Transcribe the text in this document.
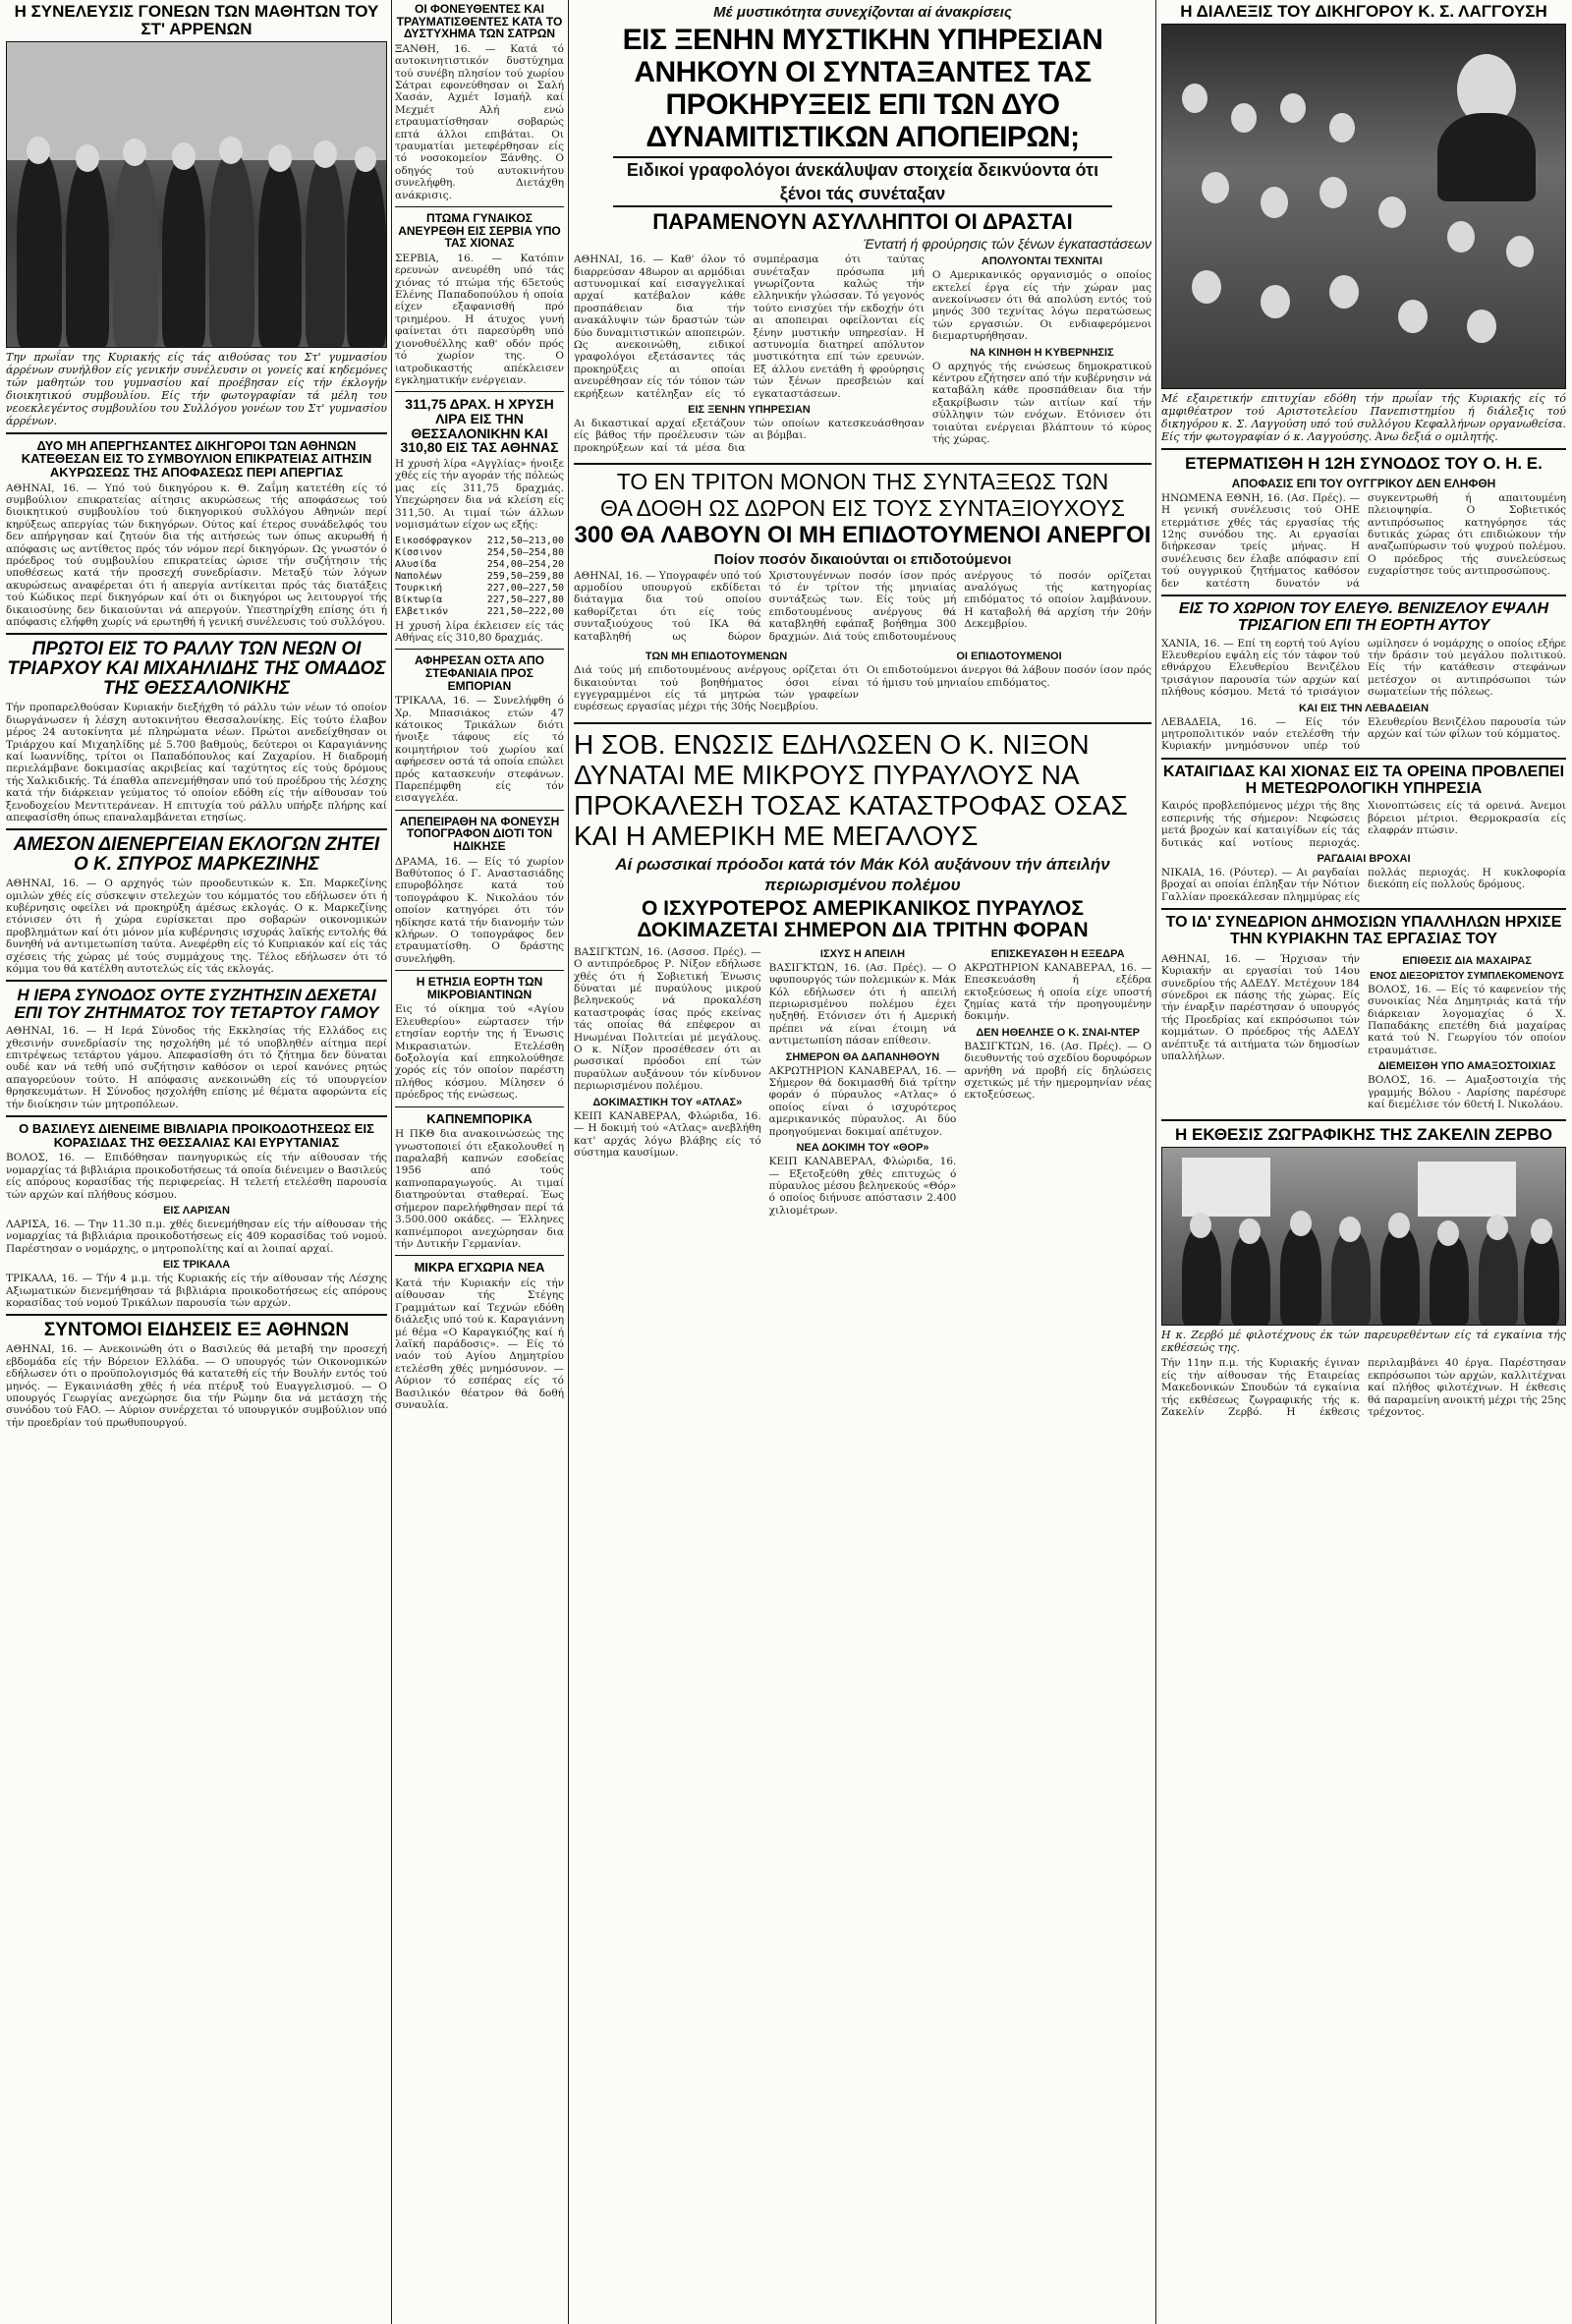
Η ΣΥΝΕΛΕΥΣΙΣ ΓΟΝΕΩΝ ΤΩΝ ΜΑΘΗΤΩΝ ΤΟΥ ΣΤ' ΑΡΡΕΝΩΝ
Την πρωΐαν της Κυριακής είς τάς αιθούσας του Στ' γυμνασίου άρρένων συνήλθον είς γενικήν συνέλευσιν οι γονείς καί κηδεμόνες τών μαθητών του γυμνασίου καί προέβησαν είς τήν έκλογήν διοικητικού συμβουλίου. Είς τήν φωτογραφίαν τά μέλη του νεοεκλεγέντος συμβουλίου του Συλλόγου γονέων του Στ' γυμνασίου άρρένων.
ΔΥΟ ΜΗ ΑΠΕΡΓΗΣΑΝΤΕΣ ΔΙΚΗΓΟΡΟΙ ΤΩΝ ΑΘΗΝΩΝ ΚΑΤΕΘΕΣΑΝ ΕΙΣ ΤΟ ΣΥΜΒΟΥΛΙΟΝ ΕΠΙΚΡΑΤΕΙΑΣ ΑΙΤΗΣΙΝ ΑΚΥΡΩΣΕΩΣ ΤΗΣ ΑΠΟΦΑΣΕΩΣ ΠΕΡΙ ΑΠΕΡΓΙΑΣ
ΑΘΗΝΑΙ, 16. — Υπό τού δικηγόρου κ. Θ. Ζαΐμη κατετέθη είς τό συμβούλιον επικρατείας αίτησις ακυρώσεως τής αποφάσεως τού διοικητικού συμβουλίου τού δικηγορικού συλλόγου Αθηνών περί κηρύξεως απεργίας τών δικηγόρων. Ούτος καί έτερος συνάδελφός του δεν απήργησαν καί ζητούν δια τής αιτήσεώς των όπως ακυρωθή ή απόφασις ως αντίθετος πρός τόν νόμον περί δικηγόρων. Ως γνωστόν ό πρόεδρος τού συμβουλίου επικρατείας ώρισε τήν συζήτησιν τής υποθέσεως κατά τήν προσεχή συνεδρίασιν. Μεταξύ τών λόγων ακυρώσεως αναφέρεται ότι ή απεργία αντίκειται πρός τάς διατάξεις τού Κώδικος περί δικηγόρων καί ότι οι δικηγόροι ως λειτουργοί τής δικαιοσύνης δεν δικαιούνται νά απεργούν. Υπεστηρίχθη επίσης ότι ή απόφασις ελήφθη χωρίς νά ερωτηθή ή γενική συνέλευσις τού συλλόγου.
ΠΡΩΤΟΙ ΕΙΣ ΤΟ ΡΑΛΛΥ ΤΩΝ ΝΕΩΝ ΟΙ ΤΡΙΑΡΧΟΥ ΚΑΙ ΜΙΧΑΗΛΙΔΗΣ ΤΗΣ ΟΜΑΔΟΣ ΤΗΣ ΘΕΣΣΑΛΟΝΙΚΗΣ
Τήν προπαρελθούσαν Κυριακήν διεξήχθη τό ράλλυ τών νέων τό οποίον διωργάνωσεν ή λέσχη αυτοκινήτου Θεσσαλονίκης. Είς τούτο έλαβον μέρος 24 αυτοκίνητα μέ πληρώματα νέων. Πρώτοι ανεδείχθησαν οι Τριάρχου καί Μιχαηλίδης μέ 5.700 βαθμούς, δεύτεροι οι Καραγιάννης καί Ιωαννίδης, τρίτοι οι Παπαδόπουλος καί Ζαχαρίου. Η διαδρομή περιελάμβανε δοκιμασίας ακριβείας καί ταχύτητος είς τούς δρόμους τής Χαλκιδικής. Τά έπαθλα απενεμήθησαν υπό τού προέδρου τής λέσχης κατά τήν διάρκειαν γεύματος τό οποίον εδόθη είς τήν αίθουσαν τού ξενοδοχείου Μεντιτεράνεαν. Η επιτυχία τού ράλλυ υπήρξε πλήρης καί απεφασίσθη όπως επαναλαμβάνεται ετησίως.
ΑΜΕΣΟΝ ΔΙΕΝΕΡΓΕΙΑΝ ΕΚΛΟΓΩΝ ΖΗΤΕΙ Ο Κ. ΣΠΥΡΟΣ ΜΑΡΚΕΖΙΝΗΣ
ΑΘΗΝΑΙ, 16. — Ο αρχηγός τών προοδευτικών κ. Σπ. Μαρκεζίνης ομιλών χθές είς σύσκεψιν στελεχών του κόμματός του εδήλωσεν ότι ή κυβέρνησις οφείλει νά προκηρύξη άμέσως εκλογάς. Ο κ. Μαρκεζίνης ετόνισεν ότι ή χώρα ευρίσκεται προ σοβαρών οικονομικών προβλημάτων καί ότι μόνον μία κυβέρνησις ισχυράς λαϊκής εντολής θά δυνηθή νά αντιμετωπίση ταύτα. Ανεφέρθη είς τό Κυπριακόν καί είς τάς σχέσεις τής χώρας μέ τούς συμμάχους της. Τέλος εδήλωσεν ότι τό κόμμα του θά κατέλθη αυτοτελώς είς τάς εκλογάς.
Η ΙΕΡΑ ΣΥΝΟΔΟΣ ΟΥΤΕ ΣΥΖΗΤΗΣΙΝ ΔΕΧΕΤΑΙ ΕΠΙ ΤΟΥ ΖΗΤΗΜΑΤΟΣ ΤΟΥ ΤΕΤΑΡΤΟΥ ΓΑΜΟΥ
ΑΘΗΝΑΙ, 16. — Η Ιερά Σύνοδος τής Εκκλησίας τής Ελλάδος εις χθεσινήν συνεδρίασίν της ησχολήθη μέ τό υποβληθέν αίτημα περί επιτρέψεως τετάρτου γάμου. Απεφασίσθη ότι τό ζήτημα δεν δύναται ουδέ καν νά τεθή υπό συζήτησιν καθόσον οι ιεροί κανόνες ρητώς απαγορεύουν τούτο. Η απόφασις ανεκοινώθη είς τό υπουργείον θρησκευμάτων. Η Σύνοδος ησχολήθη επίσης μέ θέματα αφορώντα είς τήν διοίκησιν τών μητροπόλεων.
Ο ΒΑΣΙΛΕΥΣ ΔΙΕΝΕΙΜΕ ΒΙΒΛΙΑΡΙΑ ΠΡΟΙΚΟΔΟΤΗΣΕΩΣ ΕΙΣ ΚΟΡΑΣΙΔΑΣ ΤΗΣ ΘΕΣΣΑΛΙΑΣ ΚΑΙ ΕΥΡΥΤΑΝΙΑΣ
ΒΟΛΟΣ, 16. — Επιδόθησαν πανηγυρικώς είς τήν αίθουσαν τής νομαρχίας τά βιβλιάρια προικοδοτήσεως τά οποία διένειμεν ο Βασιλεύς είς απόρους κορασίδας τής περιφερείας. Η τελετή ετελέσθη παρουσία τών αρχών καί πλήθους κόσμου.
ΕΙΣ ΛΑΡΙΣΑΝ
ΛΑΡΙΣΑ, 16. — Την 11.30 π.μ. χθές διενεμήθησαν είς τήν αίθουσαν τής νομαρχίας τά βιβλιάρια προικοδοτήσεως είς 409 κορασίδας τού νομού. Παρέστησαν ο νομάρχης, ο μητροπολίτης καί αι λοιπαί αρχαί.
ΕΙΣ ΤΡΙΚΑΛΑ
ΤΡΙΚΑΛΑ, 16. — Τήν 4 μ.μ. τής Κυριακής είς τήν αίθουσαν τής Λέσχης Αξιωματικών διενεμήθησαν τά βιβλιάρια προικοδοτήσεως είς απόρους κορασίδας τού νομού Τρικάλων παρουσία τών αρχών.
ΣΥΝΤΟΜΟΙ ΕΙΔΗΣΕΙΣ ΕΞ ΑΘΗΝΩΝ
ΑΘΗΝΑΙ, 16. — Ανεκοινώθη ότι ο Βασιλεύς θά μεταβή την προσεχή εβδομάδα είς τήν Βόρειον Ελλάδα. — Ο υπουργός τών Οικονομικών εδήλωσεν ότι ο προϋπολογισμός θά κατατεθή είς τήν Βουλήν εντός τού μηνός. — Εγκαινιάσθη χθές ή νέα πτέρυξ τού Ευαγγελισμού. — Ο υπουργός Γεωργίας ανεχώρησε δια τήν Ρώμην δια νά μετάσχη τής συνόδου τού FAO. — Αύριον συνέρχεται τό υπουργικόν συμβούλιον υπό τήν προεδρίαν τού πρωθυπουργού.
ΟΙ ΦΟΝΕΥΘΕΝΤΕΣ ΚΑΙ ΤΡΑΥΜΑΤΙΣΘΕΝΤΕΣ ΚΑΤΑ ΤΟ ΔΥΣΤΥΧΗΜΑ ΤΩΝ ΣΑΤΡΩΝ
ΞΑΝΘΗ, 16. — Κατά τό αυτοκινητιστικόν δυστύχημα τού συνέβη πλησίον τού χωρίου Σάτραι εφονεύθησαν οι Σαλή Χασάν, Αχμέτ Ισμαήλ καί Μεχμέτ Αλή ενώ ετραυματίσθησαν σοβαρώς επτά άλλοι επιβάται. Οι τραυματίαι μετεφέρθησαν είς τό νοσοκομείον Ξάνθης. Ο οδηγός τού αυτοκινήτου συνελήφθη. Διετάχθη ανάκρισις.
ΠΤΩΜΑ ΓΥΝΑΙΚΟΣ ΑΝΕΥΡΕΘΗ ΕΙΣ ΣΕΡΒΙΑ ΥΠΟ ΤΑΣ ΧΙΟΝΑΣ
ΣΕΡΒΙΑ, 16. — Κατόπιν ερευνών ανευρέθη υπό τάς χιόνας τό πτώμα τής 65ετούς Ελένης Παπαδοπούλου ή οποία είχεν εξαφανισθή πρό τριημέρου. Η άτυχος γυνή φαίνεται ότι παρεσύρθη υπό χιονοθυέλλης καθ' οδόν πρός τό χωρίον της. Ο ιατροδικαστής απέκλεισεν εγκληματικήν ενέργειαν.
311,75 ΔΡΑΧ. Η ΧΡΥΣΗ ΛΙΡΑ ΕΙΣ ΤΗΝ ΘΕΣΣΑΛΟΝΙΚΗΝ ΚΑΙ 310,80 ΕΙΣ ΤΑΣ ΑΘΗΝΑΣ
Η χρυσή λίρα «Αγγλίας» ήνοιξε χθές είς τήν αγοράν τής πόλεώς μας είς 311,75 δραχμάς. Υπεχώρησεν δια νά κλείση είς 311,50. Αι τιμαί τών άλλων νομισμάτων είχον ως εξής:
Εικοσόφραγκον 212,50—213,00
Κίσσινον	254,50—254,80
Αλυσίδα	254,00—254,20
Ναπολέων	259,50—259,80
Τουρκική	227,00—227,50
Βίκτωρία	227,50—227,80
Ελβετικόν	221,50—222,00
Η χρυσή λίρα έκλεισεν είς τάς Αθήνας είς 310,80 δραχμάς.
ΑΦΗΡΕΣΑΝ ΟΣΤΑ ΑΠΟ ΣΤΕΦΑΝΙΑΙΑ ΠΡΟΣ ΕΜΠΟΡΙΑΝ
ΤΡΙΚΑΛΑ, 16. — Συνελήφθη ό Χρ. Μπασιάκος ετών 47 κάτοικος Τρικάλων διότι ήνοιξε τάφους είς τό κοιμητήριον τού χωρίου καί αφήρεσεν οστά τά οποία επώλει πρός κατασκευήν στεφάνων. Παρεπέμφθη είς τόν εισαγγελέα.
ΑΠΕΠΕΙΡΑΘΗ ΝΑ ΦΟΝΕΥΣΗ ΤΟΠΟΓΡΑΦΟΝ ΔΙΟΤΙ ΤΟΝ ΗΔΙΚΗΣΕ
ΔΡΑΜΑ, 16. — Είς τό χωρίον Βαθύτοπος ό Γ. Αναστασιάδης επυροβόλησε κατά τού τοπογράφου Κ. Νικολάου τόν οποίον κατηγόρει ότι τόν ηδίκησε κατά τήν διανομήν τών κλήρων. Ο τοπογράφος δεν ετραυματίσθη. Ο δράστης συνελήφθη.
Η ΕΤΗΣΙΑ ΕΟΡΤΗ ΤΩΝ ΜΙΚΡΟΒΙΑΝΤΙΝΩΝ
Εις τό οίκημα τού «Αγίου Ελευθερίου» εώρτασεν τήν ετησίαν εορτήν της ή Ένωσις Μικρασιατών. Ετελέσθη δοξολογία καί επηκολούθησε χορός είς τόν οποίον παρέστη πλήθος κόσμου. Μίλησεν ό πρόεδρος τής ενώσεως.
ΚΑΠΝΕΜΠΟΡΙΚΑ
Η ΠΚΘ δια ανακοινώσεώς της γνωστοποιεί ότι εξακολουθεί η παραλαβή καπνών εσοδείας 1956 από τούς καπνοπαραγωγούς. Αι τιμαί διατηρούνται σταθεραί. Έως σήμερον παρελήφθησαν περί τά 3.500.000 οκάδες. — Έλληνες καπνέμποροι ανεχώρησαν δια τήν Δυτικήν Γερμανίαν.
ΜΙΚΡΑ ΕΓΧΩΡΙΑ ΝΕΑ
Κατά τήν Κυριακήν είς τήν αίθουσαν τής Στέγης Γραμμάτων καί Τεχνών εδόθη διάλεξις υπό τού κ. Καραγιάννη μέ θέμα «Ο Καραγκιόζης καί ή λαϊκή παράδοσις». — Είς τό ναόν τού Αγίου Δημητρίου ετελέσθη χθές μνημόσυνον. — Αύριον τό εσπέρας είς τό Βασιλικόν θέατρον θά δοθή συναυλία.
Μέ μυστικότητα συνεχίζονται αί άνακρίσεις
ΕΙΣ ΞΕΝΗΝ ΜΥΣΤΙΚΗΝ ΥΠΗΡΕΣΙΑΝ ΑΝΗΚΟΥΝ ΟΙ ΣΥΝΤΑΞΑΝΤΕΣ ΤΑΣ ΠΡΟΚΗΡΥΞΕΙΣ ΕΠΙ ΤΩΝ ΔΥΟ ΔΥΝΑΜΙΤΙΣΤΙΚΩΝ ΑΠΟΠΕΙΡΩΝ;
Ειδικοί γραφολόγοι άνεκάλυψαν στοιχεία δεικνύοντα ότι ξένοι τάς συνέταξαν
ΠΑΡΑΜΕΝΟΥΝ ΑΣΥΛΛΗΠΤΟΙ ΟΙ ΔΡΑΣΤΑΙ
Έντατή ή φρούρησις τών ξένων έγκαταστάσεων
ΑΘΗΝΑΙ, 16. — Καθ' όλον τό διαρρεύσαν 48ωρον αι αρμόδιαι αστυνομικαί καί εισαγγελικαί αρχαί κατέβαλον κάθε προσπάθειαν δια τήν ανακάλυψιν τών δραστών τών δύο δυναμιτιστικών αποπειρών. Ως ανεκοινώθη, ειδικοί γραφολόγοι εξετάσαντες τάς προκηρύξεις αι οποίαι ανευρέθησαν είς τόν τόπον τών εκρήξεων κατέληξαν είς τό συμπέρασμα ότι ταύτας συνέταξαν πρόσωπα μή γνωρίζοντα καλώς τήν ελληνικήν γλώσσαν. Τό γεγονός τούτο ενισχύει τήν εκδοχήν ότι αι αποπειραι οφείλονται είς ξένην μυστικήν υπηρεσίαν. Η αστυνομία διατηρεί απόλυτον μυστικότητα επί τών ερευνών. Εξ άλλου ενετάθη ή φρούρησις τών ξένων πρεσβειών καί εγκαταστάσεων.
ΕΙΣ ΞΕΝΗΝ ΥΠΗΡΕΣΙΑΝ
Αι δικαστικαί αρχαί εξετάζουν είς βάθος τήν προέλευσιν τών προκηρύξεων καί τά μέσα δια τών οποίων κατεσκευάσθησαν αι βόμβαι.
ΑΠΟΛΥΟΝΤΑΙ ΤΕΧΝΙΤΑΙ
Ο Αμερικανικός οργανισμός ο οποίος εκτελεί έργα είς τήν χώραν μας ανεκοίνωσεν ότι θά απολύση εντός τού μηνός 300 τεχνίτας λόγω περατώσεως τών εργασιών. Οι ενδιαφερόμενοι διεμαρτυρήθησαν.
ΝΑ ΚΙΝΗΘΗ Η ΚΥΒΕΡΝΗΣΙΣ
Ο αρχηγός τής ενώσεως δημοκρατικού κέντρου εζήτησεν από τήν κυβέρνησιν νά καταβάλη κάθε προσπάθειαν δια τήν εξακρίβωσιν τών αιτίων καί τήν σύλληψιν τών ενόχων. Ετόνισεν ότι τοιαύται ενέργειαι βλάπτουν τό κύρος τής χώρας.
ΤΟ ΕΝ ΤΡΙΤΟΝ ΜΟΝΟΝ ΤΗΣ ΣΥΝΤΑΞΕΩΣ ΤΩΝ
ΘΑ ΔΟΘΗ ΩΣ ΔΩΡΟΝ ΕΙΣ ΤΟΥΣ ΣΥΝΤΑΞΙΟΥΧΟΥΣ
300 ΘΑ ΛΑΒΟΥΝ ΟΙ ΜΗ ΕΠΙΔΟΤΟΥΜΕΝΟΙ ΑΝΕΡΓΟΙ
Ποίον ποσόν δικαιούνται οι επιδοτούμενοι
ΑΘΗΝΑΙ, 16. — Υπογραφέν υπό τού αρμοδίου υπουργού εκδίδεται διάταγμα δια τού οποίου καθορίζεται ότι είς τούς συνταξιούχους τού ΙΚΑ θά καταβληθή ως δώρον Χριστουγέννων ποσόν ίσον πρός τό έν τρίτον τής μηνιαίας συντάξεώς των. Είς τούς μή επιδοτουμένους ανέργους θά καταβληθή εφάπαξ βοήθημα 300 δραχμών. Διά τούς επιδοτουμένους ανέργους τό ποσόν ορίζεται αναλόγως τής κατηγορίας επιδόματος τό οποίον λαμβάνουν. Η καταβολή θά αρχίση τήν 20ήν Δεκεμβρίου.
ΤΩΝ ΜΗ ΕΠΙΔΟΤΟΥΜΕΝΩΝ
Διά τούς μή επιδοτουμένους ανέργους ορίζεται ότι δικαιούνται τού βοηθήματος όσοι είναι εγγεγραμμένοι είς τά μητρώα τών γραφείων ευρέσεως εργασίας μέχρι τής 30ής Νοεμβρίου.
ΟΙ ΕΠΙΔΟΤΟΥΜΕΝΟΙ
Οι επιδοτούμενοι άνεργοι θά λάβουν ποσόν ίσον πρός τό ήμισυ τού μηνιαίου επιδόματος.
Η ΣΟΒ. ΕΝΩΣΙΣ ΕΔΗΛΩΣΕΝ Ο Κ. ΝΙΞΟΝ ΔΥΝΑΤΑΙ ΜΕ ΜΙΚΡΟΥΣ ΠΥΡΑΥΛΟΥΣ ΝΑ ΠΡΟΚΑΛΕΣΗ ΤΟΣΑΣ ΚΑΤΑΣΤΡΟΦΑΣ ΟΣΑΣ ΚΑΙ Η ΑΜΕΡΙΚΗ ΜΕ ΜΕΓΑΛΟΥΣ
Αί ρωσσικαί πρόοδοι κατά τόν Μάκ Κόλ αυξάνουν τήν άπειλήν περιωρισμένου πολέμου
Ο ΙΣΧΥΡΟΤΕΡΟΣ ΑΜΕΡΙΚΑΝΙΚΟΣ ΠΥΡΑΥΛΟΣ ΔΟΚΙΜΑΖΕΤΑΙ ΣΗΜΕΡΟΝ ΔΙΑ ΤΡΙΤΗΝ ΦΟΡΑΝ
ΒΑΣΙΓΚΤΩΝ, 16. (Ασσοσ. Πρές). — Ο αντιπρόεδρος Ρ. Νίξον εδήλωσε χθές ότι ή Σοβιετική Ένωσις δύναται μέ πυραύλους μικρού βεληνεκούς νά προκαλέση καταστροφάς ίσας πρός εκείνας τάς οποίας θά επέφερον αι Ηνωμέναι Πολιτείαι μέ μεγάλους. Ο κ. Νίξον προσέθεσεν ότι αι ρωσσικαί πρόοδοι επί τών πυραύλων αυξάνουν τόν κίνδυνον περιωρισμένου πολέμου.
ΔΟΚΙΜΑΣΤΙΚΗ ΤΟΥ «ΑΤΛΑΣ»
ΚΕΙΠ ΚΑΝΑΒΕΡΑΛ, Φλώριδα, 16. — Η δοκιμή τού «Ατλας» ανεβλήθη κατ' αρχάς λόγω βλάβης είς τό σύστημα καυσίμων.
ΙΣΧΥΣ Η ΑΠΕΙΛΗ
ΒΑΣΙΓΚΤΩΝ, 16. (Ασ. Πρές). — Ο υφυπουργός τών πολεμικών κ. Μάκ Κόλ εδήλωσεν ότι ή απειλή περιωρισμένου πολέμου έχει ηυξηθή. Ετόνισεν ότι ή Αμερική πρέπει νά είναι έτοιμη νά αντιμετωπίση πάσαν επίθεσιν.
ΣΗΜΕΡΟΝ ΘΑ ΔΑΠΑΝΗΘΟΥΝ
ΑΚΡΩΤΗΡΙΟΝ ΚΑΝΑΒΕΡΑΛ, 16. — Σήμερον θά δοκιμασθή διά τρίτην φοράν ό πύραυλος «Ατλας» ό οποίος είναι ό ισχυρότερος αμερικανικός πύραυλος. Αι δύο προηγούμεναι δοκιμαί απέτυχον.
ΝΕΑ ΔΟΚΙΜΗ ΤΟΥ «ΘΟΡ»
ΚΕΙΠ ΚΑΝΑΒΕΡΑΛ, Φλώριδα, 16. — Εξετοξεύθη χθές επιτυχώς ό πύραυλος μέσου βεληνεκούς «Θόρ» ό οποίος διήνυσε απόστασιν 2.400 χιλιομέτρων.
ΕΠΙΣΚΕΥΑΣΘΗ Η ΕΞΕΔΡΑ
ΑΚΡΩΤΗΡΙΟΝ ΚΑΝΑΒΕΡΑΛ, 16. — Επεσκευάσθη ή εξέδρα εκτοξεύσεως ή οποία είχε υποστή ζημίας κατά τήν προηγουμένην δοκιμήν.
ΔΕΝ ΗΘΕΛΗΣΕ Ο Κ. ΣΝΑΙ-ΝΤΕΡ
ΒΑΣΙΓΚΤΩΝ, 16. (Ασ. Πρές). — Ο διευθυντής τού σχεδίου δορυφόρων αρνήθη νά προβή είς δηλώσεις σχετικώς μέ τήν ημερομηνίαν νέας εκτοξεύσεως.
Η ΔΙΑΛΕΞΙΣ ΤΟΥ ΔΙΚΗΓΟΡΟΥ Κ. Σ. ΛΑΓΓΟΥΣΗ
Μέ εξαιρετικήν επιτυχίαν εδόθη τήν πρωΐαν τής Κυριακής είς τό αμφιθέατρον τού Αριστοτελείου Πανεπιστημίου ή διάλεξις τού δικηγόρου κ. Σ. Λαγγούση υπό τού συλλόγου Κεφαλλήνων οργανωθείσα. Είς τήν φωτογραφίαν ό κ. Λαγγούσης. Άνω δεξιά ο ομιλητής.
ΕΤΕΡΜΑΤΙΣΘΗ Η 12Η ΣΥΝΟΔΟΣ ΤΟΥ Ο. Η. Ε.
ΑΠΟΦΑΣΙΣ ΕΠΙ ΤΟΥ ΟΥΓΓΡΙΚΟΥ ΔΕΝ ΕΛΗΦΘΗ
ΗΝΩΜΕΝΑ ΕΘΝΗ, 16. (Ασ. Πρές). — Η γενική συνέλευσις τού ΟΗΕ ετερμάτισε χθές τάς εργασίας τής 12ης συνόδου της. Αι εργασίαι διήρκεσαν τρείς μήνας. Η συνέλευσις δεν έλαβε απόφασιν επί τού ουγγρικού ζητήματος καθόσον δεν κατέστη δυνατόν νά συγκεντρωθή ή απαιτουμένη πλειοψηφία. Ο Σοβιετικός αντιπρόσωπος κατηγόρησε τάς δυτικάς χώρας ότι επιδιώκουν τήν αναζωπύρωσιν τού ψυχρού πολέμου. Ο πρόεδρος τής συνελεύσεως ευχαρίστησε τούς αντιπροσώπους.
ΕΙΣ ΤΟ ΧΩΡΙΟΝ ΤΟΥ ΕΛΕΥΘ. ΒΕΝΙΖΕΛΟΥ ΕΨΑΛΗ ΤΡΙΣΑΓΙΟΝ ΕΠΙ ΤΗ ΕΟΡΤΗ ΑΥΤΟΥ
ΧΑΝΙΑ, 16. — Επί τη εορτή τού Αγίου Ελευθερίου εψάλη είς τόν τάφον τού εθνάρχου Ελευθερίου Βενιζέλου τρισάγιον παρουσία τών αρχών καί πλήθους κόσμου. Μετά τό τρισάγιον ωμίλησεν ό νομάρχης ο οποίος εξήρε τήν δράσιν τού μεγάλου πολιτικού. Είς τήν κατάθεσιν στεφάνων μετέσχον οι αντιπρόσωποι τών σωματείων τής πόλεως.
ΚΑΙ ΕΙΣ ΤΗΝ ΛΕΒΑΔΕΙΑΝ
ΛΕΒΑΔΕΙΑ, 16. — Είς τόν μητροπολιτικόν ναόν ετελέσθη τήν Κυριακήν μνημόσυνον υπέρ τού Ελευθερίου Βενιζέλου παρουσία τών αρχών καί τών φίλων τού κόμματος.
ΚΑΤΑΙΓΙΔΑΣ ΚΑΙ ΧΙΟΝΑΣ ΕΙΣ ΤΑ ΟΡΕΙΝΑ ΠΡΟΒΛΕΠΕΙ Η ΜΕΤΕΩΡΟΛΟΓΙΚΗ ΥΠΗΡΕΣΙΑ
Καιρός προβλεπόμενος μέχρι τής 8ης εσπερινής τής σήμερον: Νεφώσεις μετά βροχών καί καταιγίδων είς τάς δυτικάς καί νοτίους περιοχάς. Χιονοπτώσεις είς τά ορεινά. Άνεμοι βόρειοι μέτριοι. Θερμοκρασία είς ελαφράν πτώσιν.
ΡΑΓΔΑΙΑΙ ΒΡΟΧΑΙ
ΝΙΚΑΙΑ, 16. (Ρόυτερ). — Αι ραγδαίαι βροχαί αι οποίαι έπληξαν τήν Νότιον Γαλλίαν προεκάλεσαν πλημμύρας είς πολλάς περιοχάς. Η κυκλοφορία διεκόπη είς πολλούς δρόμους.
ΤΟ ΙΔ' ΣΥΝΕΔΡΙΟΝ ΔΗΜΟΣΙΩΝ ΥΠΑΛΛΗΛΩΝ ΗΡΧΙΣΕ ΤΗΝ ΚΥΡΙΑΚΗΝ ΤΑΣ ΕΡΓΑΣΙΑΣ ΤΟΥ
ΑΘΗΝΑΙ, 16. — Ήρχισαν τήν Κυριακήν αι εργασίαι τού 14ου συνεδρίου τής ΑΔΕΔΥ. Μετέχουν 184 σύνεδροι εκ πάσης τής χώρας. Είς τήν έναρξιν παρέστησαν ό υπουργός τής Προεδρίας καί εκπρόσωποι τών κομμάτων. Ο πρόεδρος τής ΑΔΕΔΥ ανέπτυξε τά αιτήματα τών δημοσίων υπαλλήλων.
ΕΠΙΘΕΣΙΣ ΔΙΑ ΜΑΧΑΙΡΑΣ
ΕΝΟΣ ΔΙΕΞΟΡΙΣΤΟΥ ΣΥΜΠΛΕΚΟΜΕΝΟΥΣ
ΒΟΛΟΣ, 16. — Είς τό καφενείον τής συνοικίας Νέα Δημητριάς κατά τήν διάρκειαν λογομαχίας ό Χ. Παπαδάκης επετέθη διά μαχαίρας κατά τού Ν. Γεωργίου τόν οποίον ετραυμάτισε.
ΔΙΕΜΕΙΣΘΗ ΥΠΟ ΑΜΑΞΟΣΤΟΙΧΙΑΣ
ΒΟΛΟΣ, 16. — Αμαξοστοιχία τής γραμμής Βόλου - Λαρίσης παρέσυρε καί διεμέλισε τόν 60ετή Ι. Νικολάου.
Η ΕΚΘΕΣΙΣ ΖΩΓΡΑΦΙΚΗΣ ΤΗΣ ΖΑΚΕΛΙΝ ΖΕΡΒΟ
Η κ. Ζερβό μέ φιλοτέχνους έκ τών παρευρεθέντων είς τά εγκαίνια τής εκθέσεώς της.
Τήν 11ην π.μ. τής Κυριακής έγιναν είς τήν αίθουσαν τής Εταιρείας Μακεδονικών Σπουδών τά εγκαίνια τής εκθέσεως ζωγραφικής τής κ. Ζακελίν Ζερβό. Η έκθεσις περιλαμβάνει 40 έργα. Παρέστησαν εκπρόσωποι τών αρχών, καλλιτέχναι καί πλήθος φιλοτέχνων. Η έκθεσις θά παραμείνη ανοικτή μέχρι τής 25ης τρέχοντος.
